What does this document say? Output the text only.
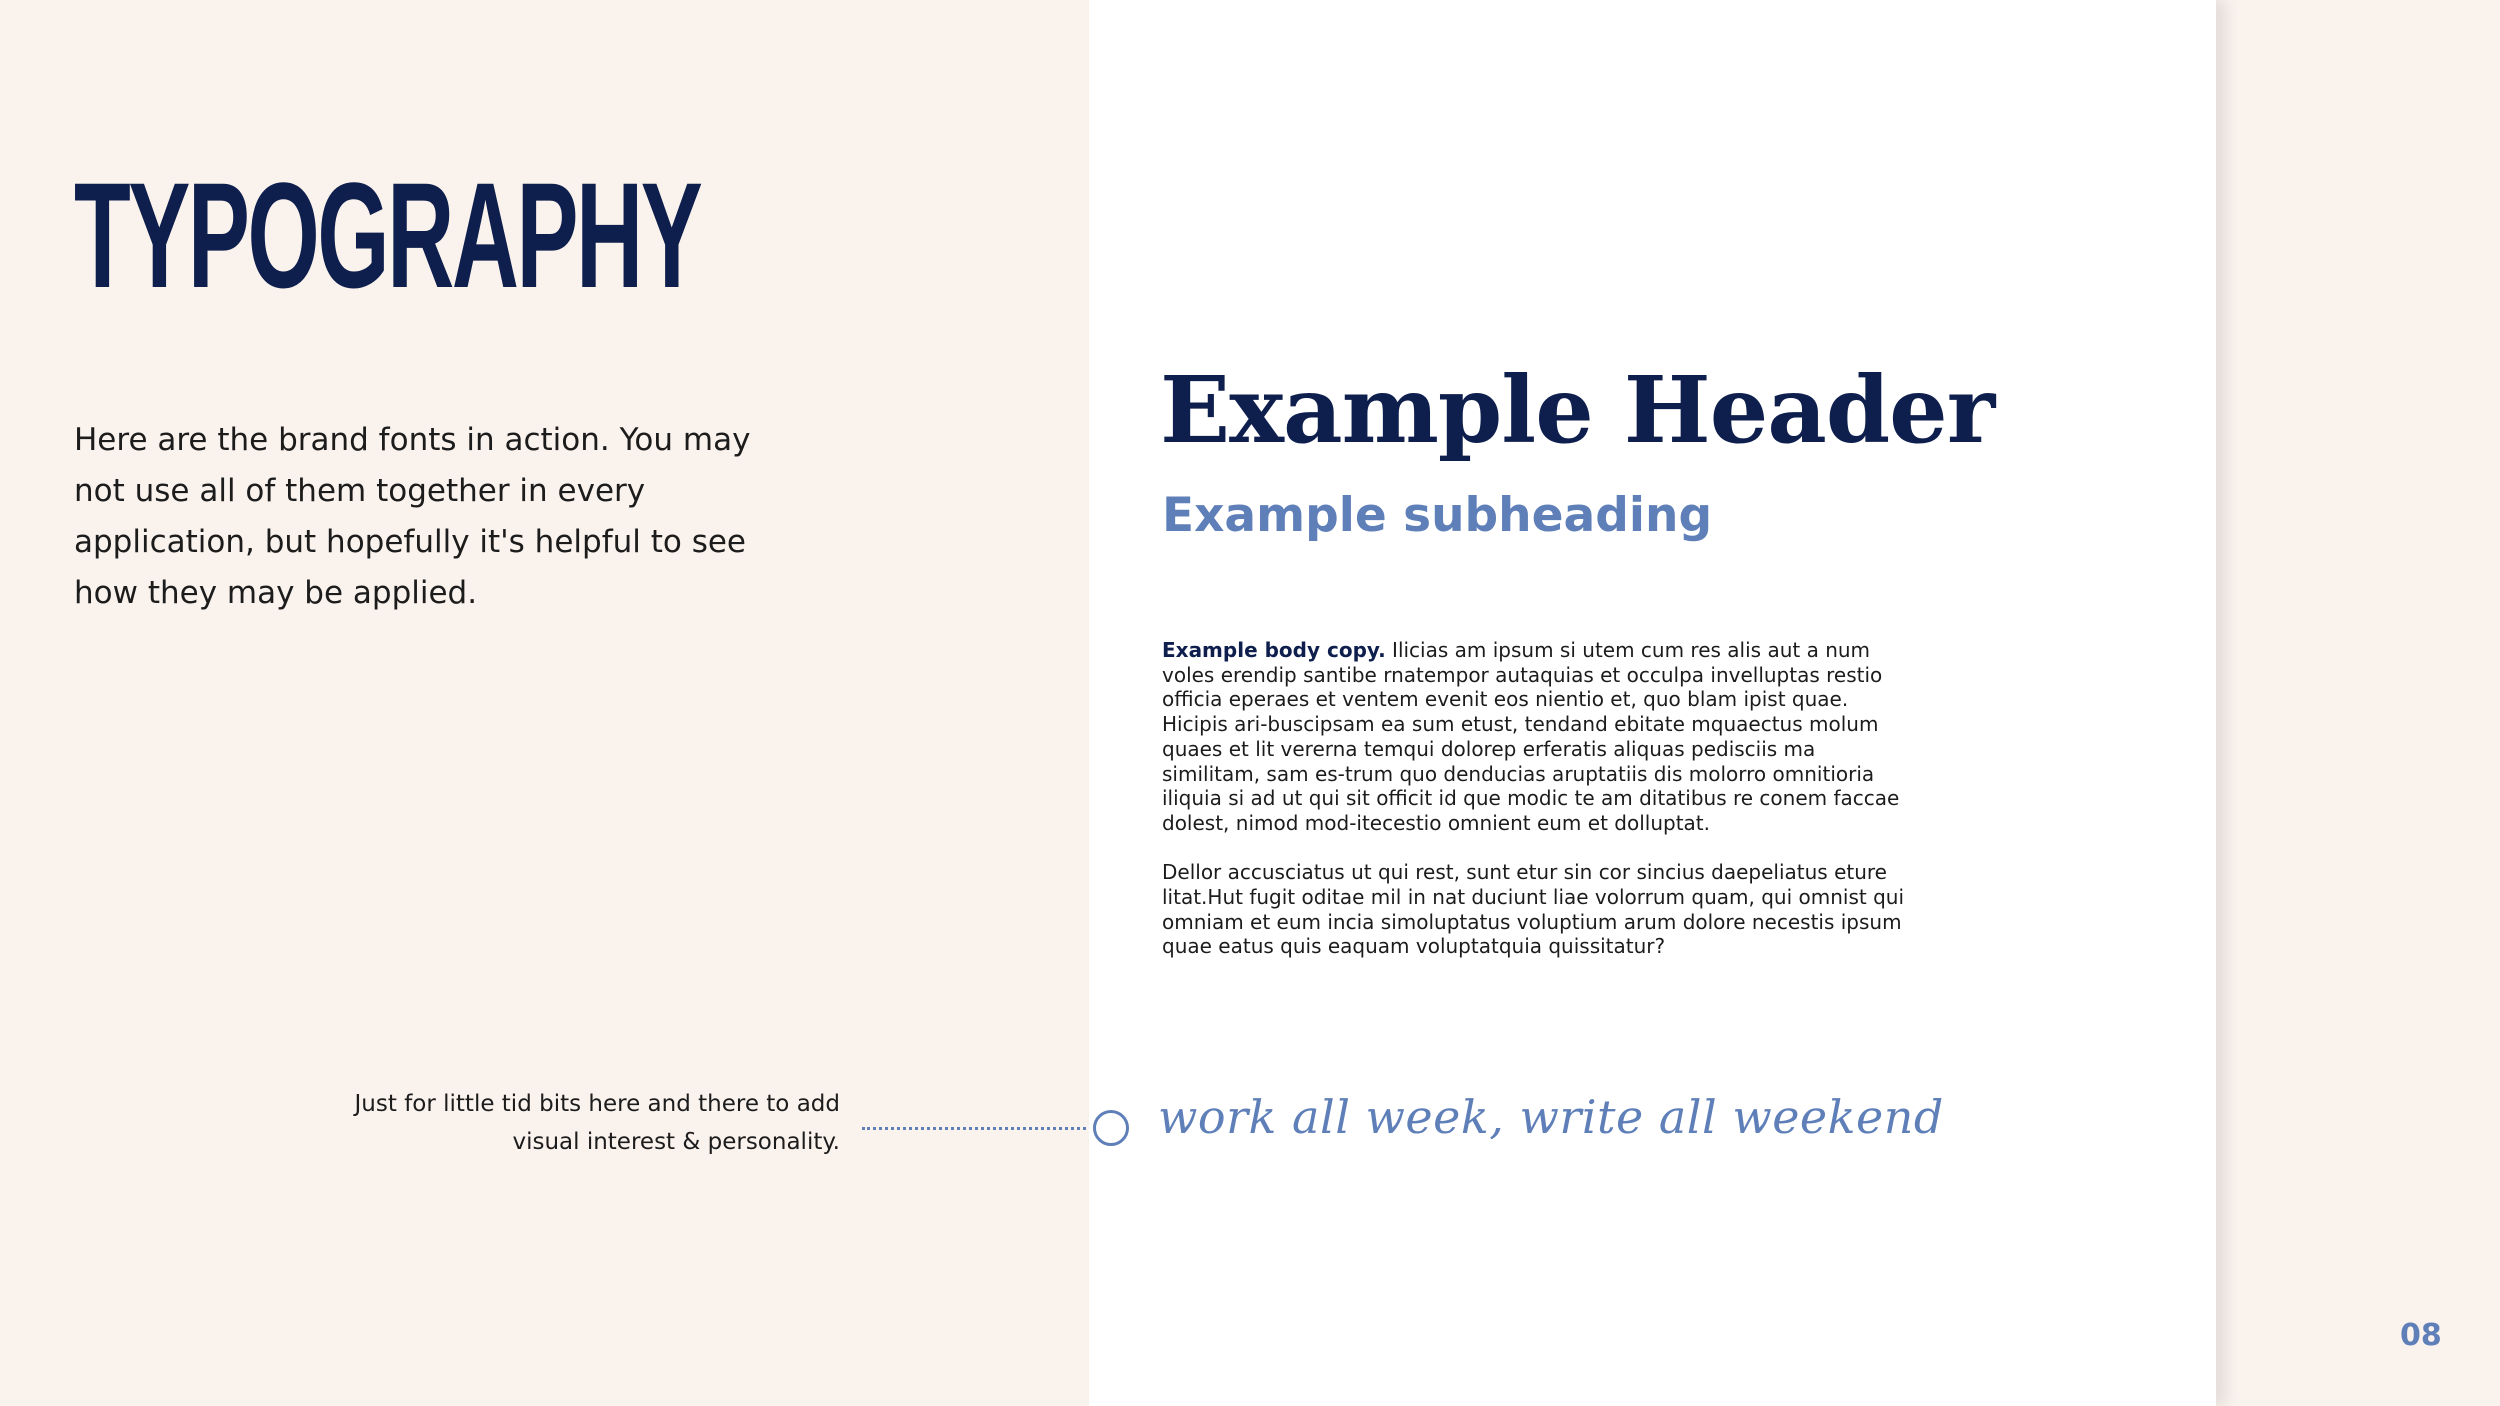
TYPOGRAPHY

Here are the brand fonts in action. You may not use all of them together in every application, but hopefully it's helpful to see how they may be applied.

Just for little tid bits here and there to add visual interest & personality.

Example Header
Example subheading

Example body copy. Ilicias am ipsum si utem cum res alis aut a num voles erendip santibe rnatempor autaquias et occulpa invelluptas restio officia eperaes et ventem evenit eos nientio et, quo blam ipist quae. Hicipis ari-buscipsam ea sum etust, tendand ebitate mquaectus molum quaes et lit vererna temqui dolorep erferatis aliquas pedisciis ma similitam, sam es-trum quo denducias aruptatiis dis molorro omnitioria iliquia si ad ut qui sit officit id que modic te am ditatibus re conem faccae dolest, nimod mod-itecestio omnient eum et dolluptat.

Dellor accusciatus ut qui rest, sunt etur sin cor sincius daepeliatus eture litat.Hut fugit oditae mil in nat duciunt liae volorrum quam, qui omnist qui omniam et eum incia simoluptatus voluptium arum dolore necestis ipsum quae eatus quis eaquam voluptatquia quissitatur?

work all week, write all weekend
08
